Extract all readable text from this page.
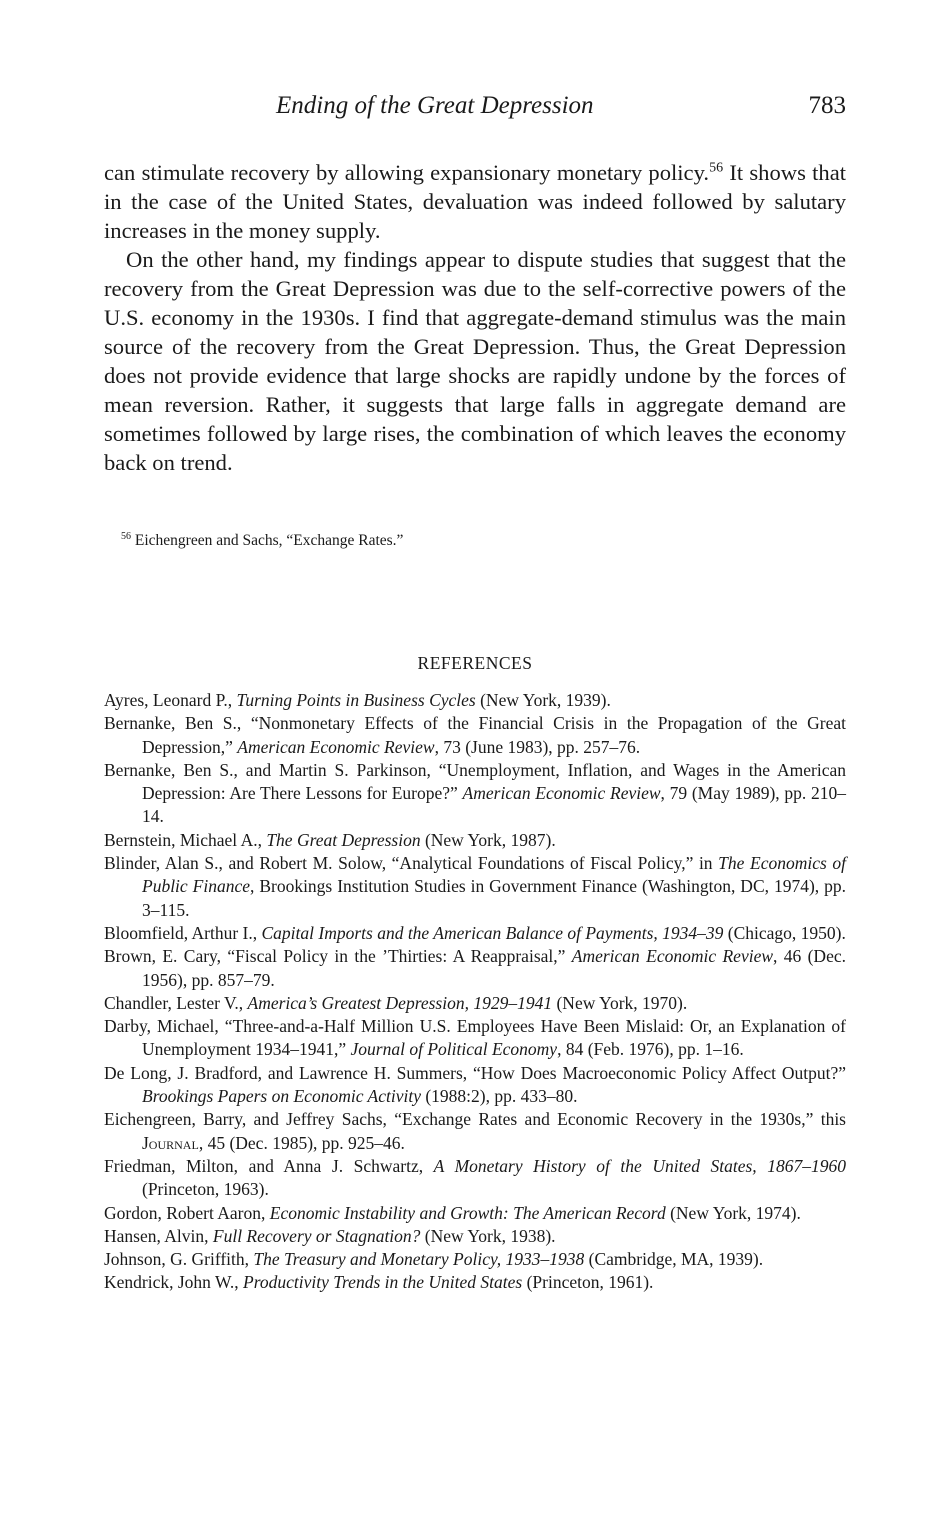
Ending of the Great Depression	783

can stimulate recovery by allowing expansionary monetary policy.$^{56}$ It shows that in the case of the United States, devaluation was indeed followed by salutary increases in the money supply.

On the other hand, my findings appear to dispute studies that suggest that the recovery from the Great Depression was due to the self-corrective powers of the U.S. economy in the 1930s. I find that aggregate-demand stimulus was the main source of the recovery from the Great Depression. Thus, the Great Depression does not provide evidence that large shocks are rapidly undone by the forces of mean reversion. Rather, it suggests that large falls in aggregate demand are sometimes followed by large rises, the combination of which leaves the economy back on trend.

$^{56}$ Eichengreen and Sachs, “Exchange Rates.”
REFERENCES

Ayres, Leonard P., Turning Points in Business Cycles (New York, 1939).

Bernanke, Ben S., “Nonmonetary Effects of the Financial Crisis in the Propagation of the Great Depression,” American Economic Review, 73 (June 1983), pp. 257–76.

Bernanke, Ben S., and Martin S. Parkinson, “Unemployment, Inflation, and Wages in the American Depression: Are There Lessons for Europe?” American Economic Review, 79 (May 1989), pp. 210–14.

Bernstein, Michael A., The Great Depression (New York, 1987).

Blinder, Alan S., and Robert M. Solow, “Analytical Foundations of Fiscal Policy,” in The Economics of Public Finance, Brookings Institution Studies in Government Finance (Washington, DC, 1974), pp. 3–115.

Bloomfield, Arthur I., Capital Imports and the American Balance of Payments, 1934–39 (Chicago, 1950).

Brown, E. Cary, “Fiscal Policy in the ’Thirties: A Reappraisal,” American Economic Review, 46 (Dec. 1956), pp. 857–79.

Chandler, Lester V., America’s Greatest Depression, 1929–1941 (New York, 1970).

Darby, Michael, “Three-and-a-Half Million U.S. Employees Have Been Mislaid: Or, an Explanation of Unemployment 1934–1941,” Journal of Political Economy, 84 (Feb. 1976), pp. 1–16.

De Long, J. Bradford, and Lawrence H. Summers, “How Does Macroeconomic Policy Affect Output?” Brookings Papers on Economic Activity (1988:2), pp. 433–80.

Eichengreen, Barry, and Jeffrey Sachs, “Exchange Rates and Economic Recovery in the 1930s,” this Journal, 45 (Dec. 1985), pp. 925–46.

Friedman, Milton, and Anna J. Schwartz, A Monetary History of the United States, 1867–1960 (Princeton, 1963).

Gordon, Robert Aaron, Economic Instability and Growth: The American Record (New York, 1974).

Hansen, Alvin, Full Recovery or Stagnation? (New York, 1938).

Johnson, G. Griffith, The Treasury and Monetary Policy, 1933–1938 (Cambridge, MA, 1939).

Kendrick, John W., Productivity Trends in the United States (Princeton, 1961).
